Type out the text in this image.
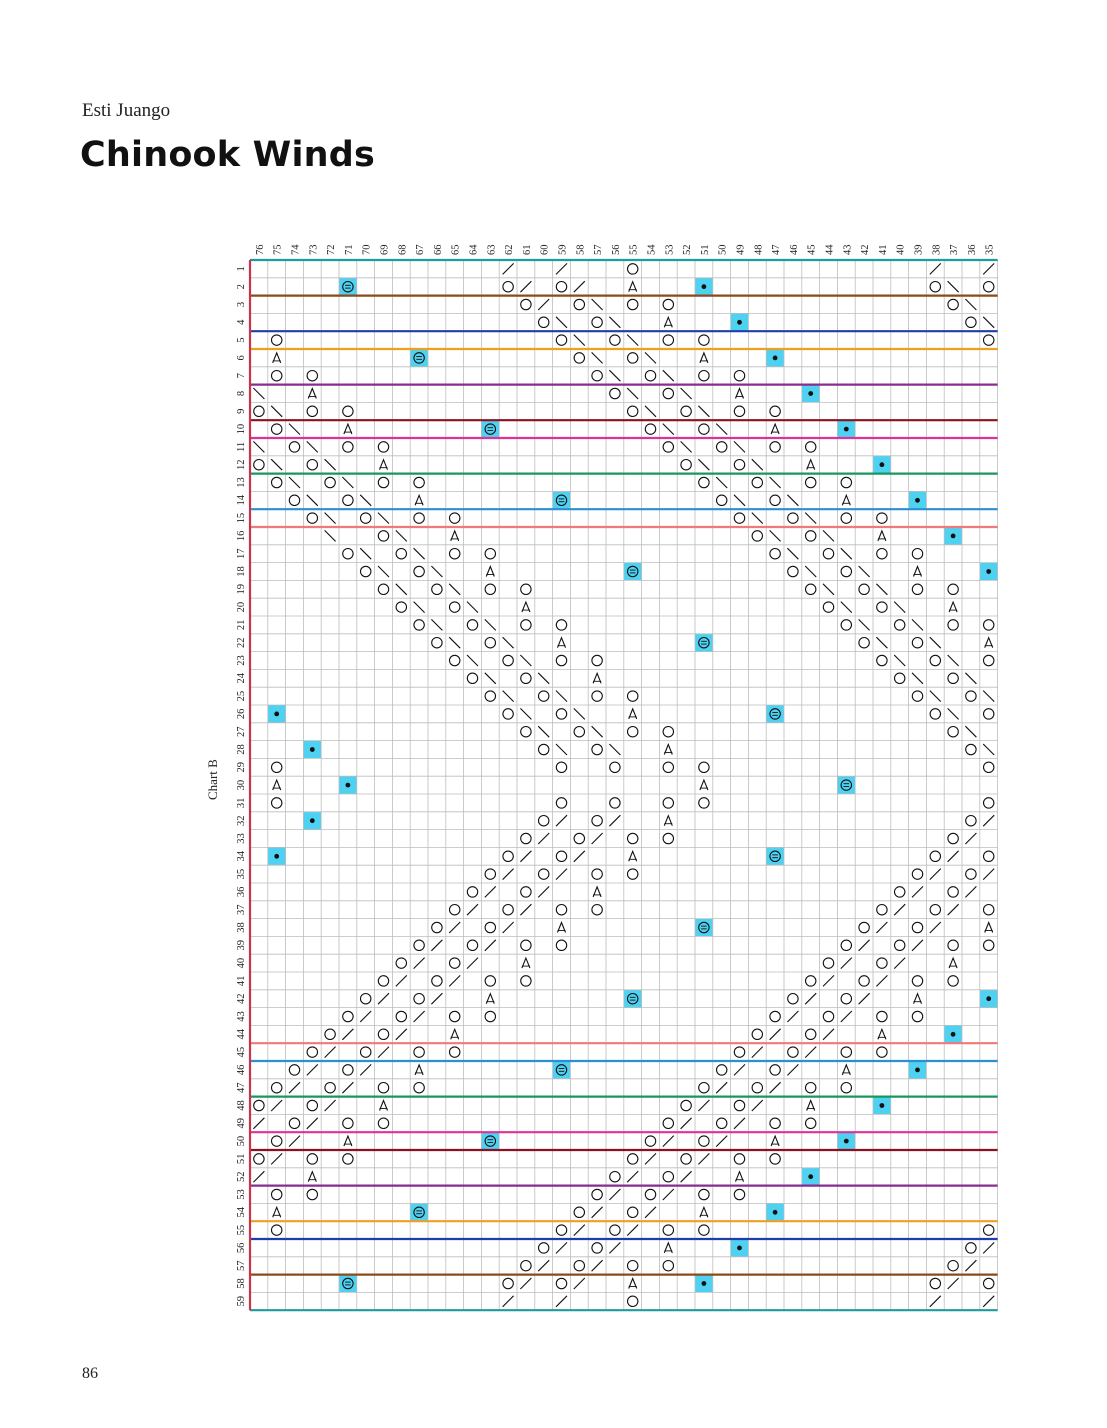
Esti Juango
Chinook Winds
Chart B
76 75 74 73 72 71 70 69 68 67 66 65 64 63 62 61 60 59 58 57 56 55 54 53 52 51 50 49 48 47 46 45 44 43 42 41 40 39 38 37 36 35
1
2
3
4
5
6
7
8
9
10
11
12
13
14
15
16
17
18
19
20
21
22
23
24
25
26
27
28
29
30
31
32
33
34
35
36
37
38
39
40
41
42
43
44
45
46
47
48
49
50
51
52
53
54
55
56
57
58
59
86
